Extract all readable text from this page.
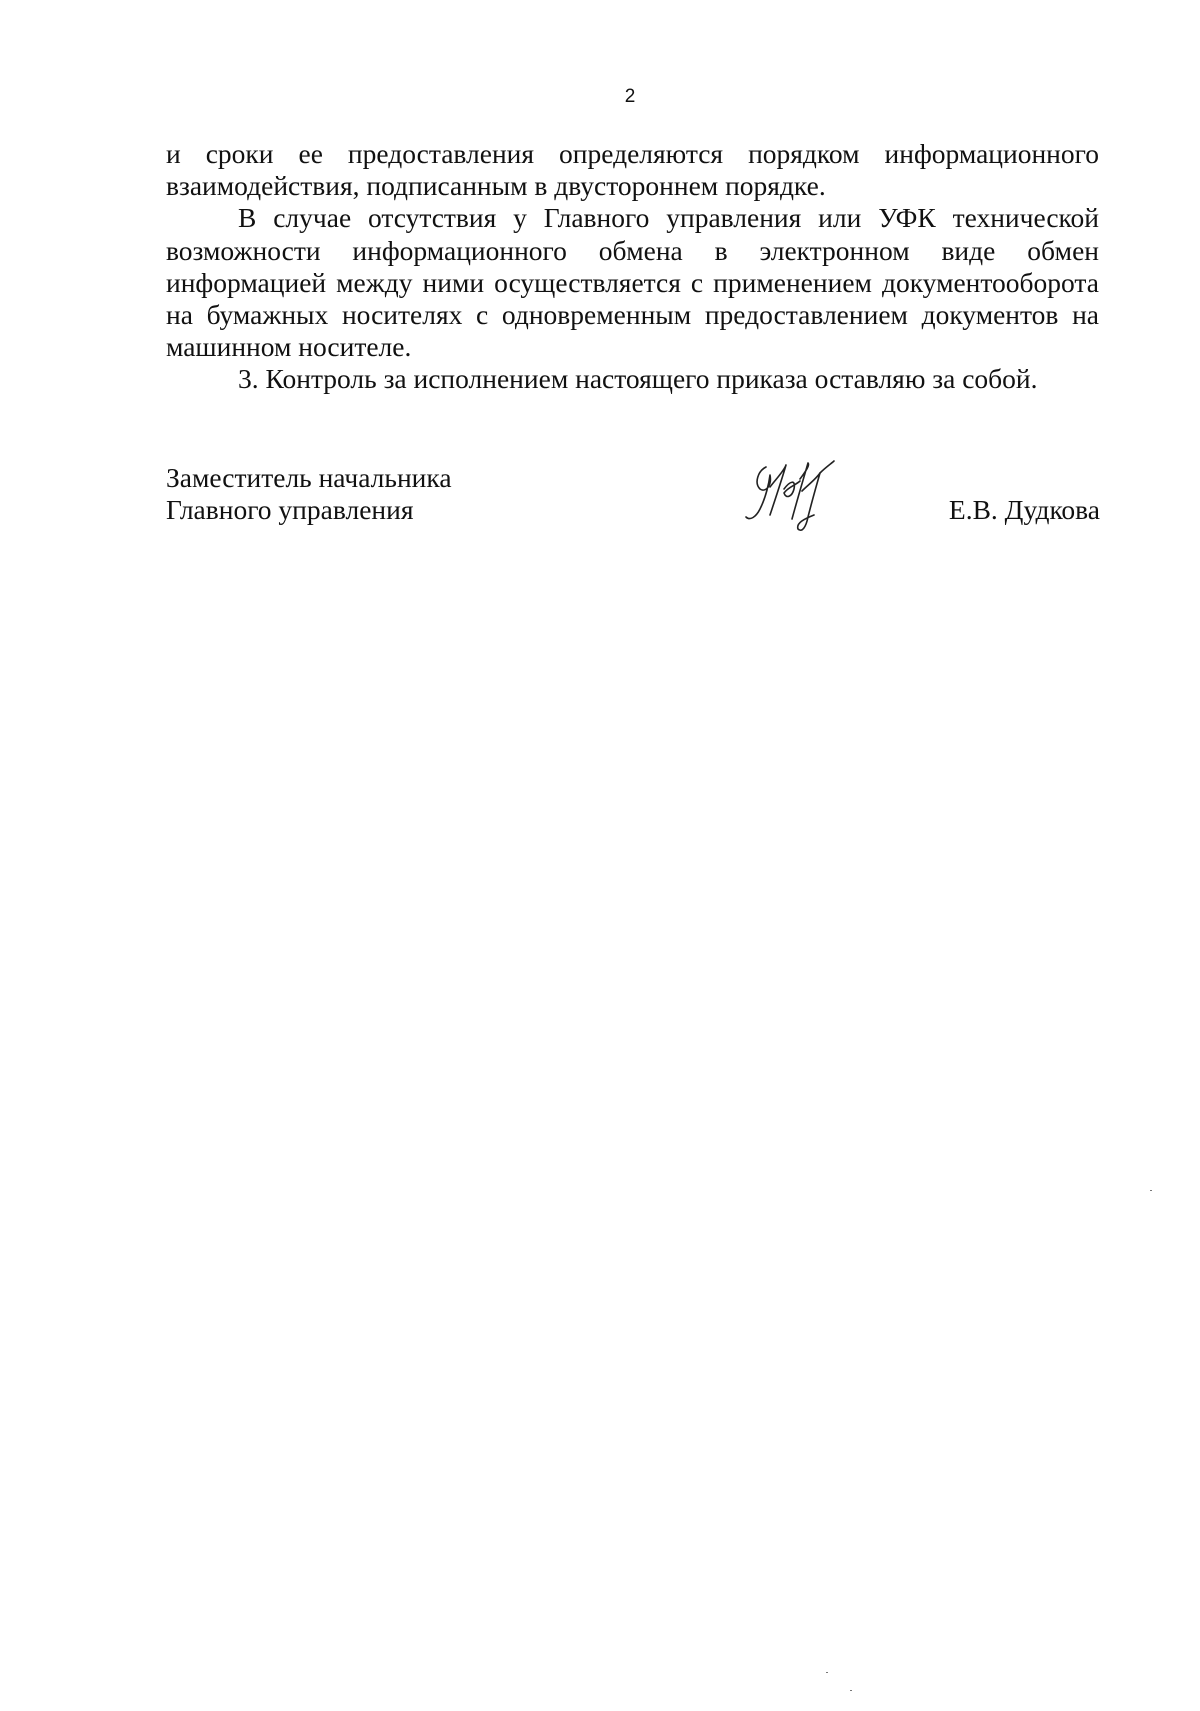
2

и сроки ее предоставления определяются порядком информационного взаимодействия, подписанным в двустороннем порядке.

В случае отсутствия у Главного управления или УФК технической возможности информационного обмена в электронном виде обмен информацией между ними осуществляется с применением документооборота на бумажных носителях с одновременным предоставлением документов на машинном носителе.

3. Контроль за исполнением настоящего приказа оставляю за собой.

Заместитель начальника
Главного управления	Е.В. Дудкова
